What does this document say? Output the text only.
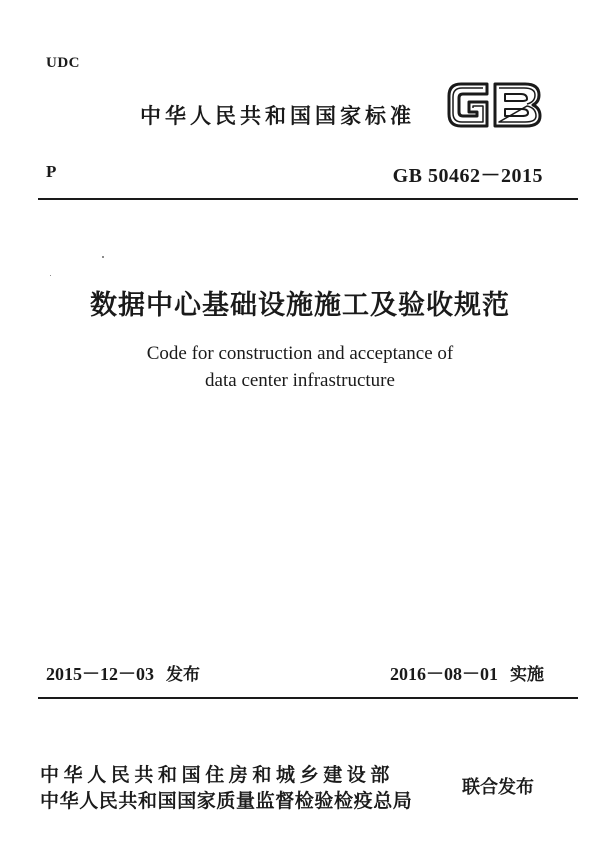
UDC
中华人民共和国国家标准
P	GB 50462－2015
数据中心基础设施施工及验收规范
Code for construction and acceptance of
data center infrastructure
2015－12－03 发布	2016－08－01 实施
中华人民共和国住房和城乡建设部
中华人民共和国国家质量监督检验检疫总局
联合发布
